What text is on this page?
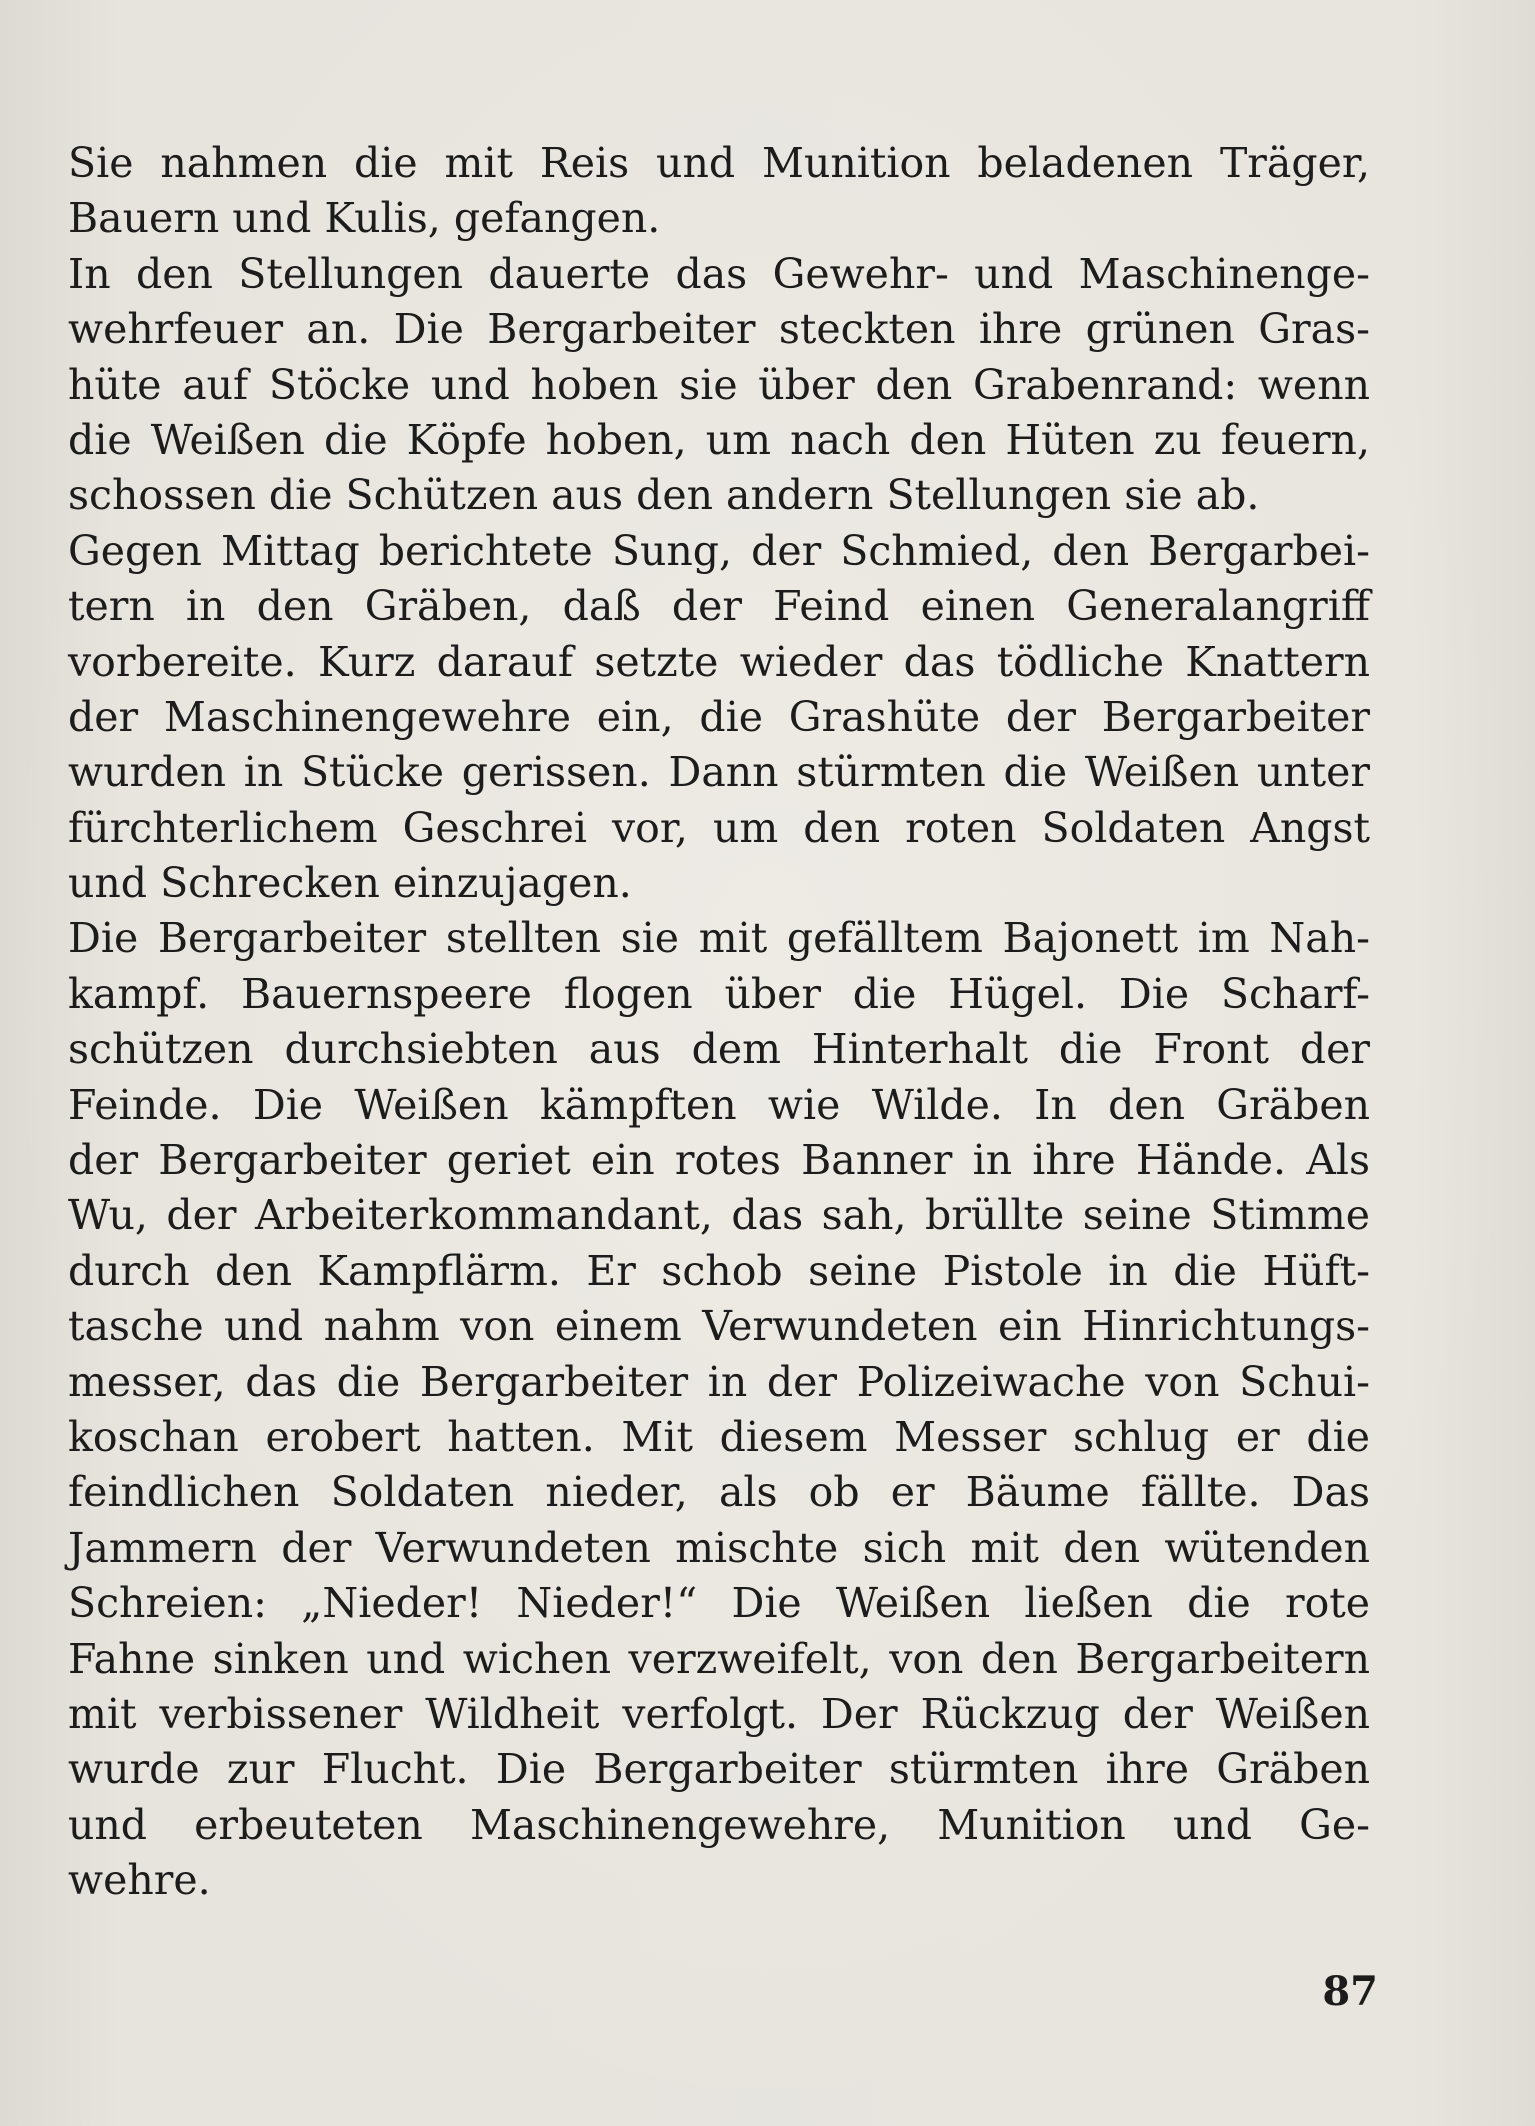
Sie nahmen die mit Reis und Munition beladenen Träger,
Bauern und Kulis, gefangen.

In den Stellungen dauerte das Gewehr- und Maschinenge-
wehrfeuer an. Die Bergarbeiter steckten ihre grünen Gras-
hüte auf Stöcke und hoben sie über den Grabenrand: wenn
die Weißen die Köpfe hoben, um nach den Hüten zu feuern,
schossen die Schützen aus den andern Stellungen sie ab.

Gegen Mittag berichtete Sung, der Schmied, den Bergarbei-
tern in den Gräben, daß der Feind einen Generalangriff
vorbereite. Kurz darauf setzte wieder das tödliche Knattern
der Maschinengewehre ein, die Grashüte der Bergarbeiter
wurden in Stücke gerissen. Dann stürmten die Weißen unter
fürchterlichem Geschrei vor, um den roten Soldaten Angst
und Schrecken einzujagen.

Die Bergarbeiter stellten sie mit gefälltem Bajonett im Nah-
kampf. Bauernspeere flogen über die Hügel. Die Scharf-
schützen durchsiebten aus dem Hinterhalt die Front der
Feinde. Die Weißen kämpften wie Wilde. In den Gräben
der Bergarbeiter geriet ein rotes Banner in ihre Hände. Als
Wu, der Arbeiterkommandant, das sah, brüllte seine Stimme
durch den Kampflärm. Er schob seine Pistole in die Hüft-
tasche und nahm von einem Verwundeten ein Hinrichtungs-
messer, das die Bergarbeiter in der Polizeiwache von Schui-
koschan erobert hatten. Mit diesem Messer schlug er die
feindlichen Soldaten nieder, als ob er Bäume fällte. Das
Jammern der Verwundeten mischte sich mit den wütenden
Schreien: „Nieder! Nieder!“ Die Weißen ließen die rote
Fahne sinken und wichen verzweifelt, von den Bergarbeitern
mit verbissener Wildheit verfolgt. Der Rückzug der Weißen
wurde zur Flucht. Die Bergarbeiter stürmten ihre Gräben
und erbeuteten Maschinengewehre, Munition und Ge-
wehre.

87
